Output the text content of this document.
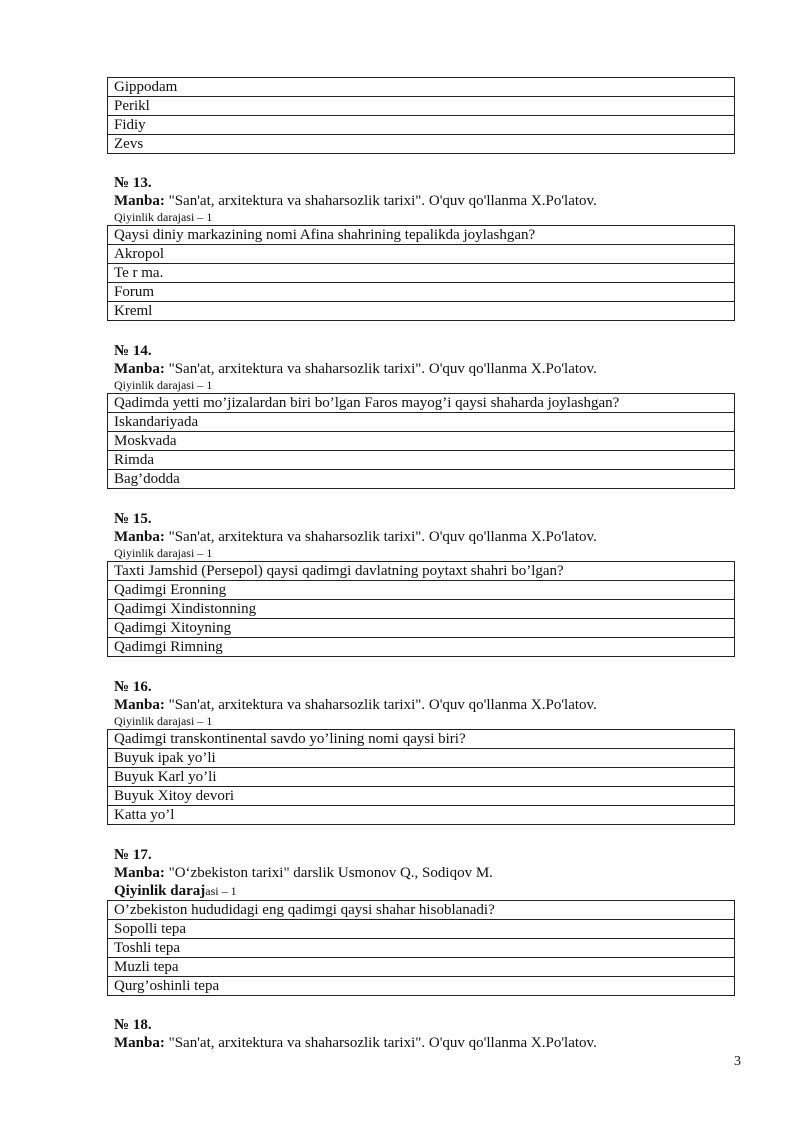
Gippodam
Perikl
Fidiy
Zevs
№ 13.
Manba: "San'at, arxitektura va shaharsozlik tarixi". O'quv qo'llanma X.Po'latov.
Qiyinlik darajasi – 1
Qaysi diniy markazining nomi Afina shahrining tepalikda joylashgan?
Akropol
Te r ma.
Forum
Kreml
№ 14.
Manba: "San'at, arxitektura va shaharsozlik tarixi". O'quv qo'llanma X.Po'latov.
Qiyinlik darajasi – 1
Qadimda yetti mo’jizalardan biri bo’lgan Faros mayog’i qaysi shaharda joylashgan?
Iskandariyada
Moskvada
Rimda
Bag’dodda
№ 15.
Manba: "San'at, arxitektura va shaharsozlik tarixi". O'quv qo'llanma X.Po'latov.
Qiyinlik darajasi – 1
Taxti Jamshid (Persepol) qaysi qadimgi davlatning poytaxt shahri bo’lgan?
Qadimgi Eronning
Qadimgi Xindistonning
Qadimgi Xitoyning
Qadimgi Rimning
№ 16.
Manba: "San'at, arxitektura va shaharsozlik tarixi". O'quv qo'llanma X.Po'latov.
Qiyinlik darajasi – 1
Qadimgi transkontinental savdo yo’lining nomi qaysi biri?
Buyuk ipak yo’li
Buyuk Karl yo’li
Buyuk Xitoy devori
Katta yo’l
№ 17.
Manba: "O‘zbekiston tarixi" darslik Usmonov Q., Sodiqov M.
Qiyinlik darajasi – 1
O’zbekiston hududidagi eng qadimgi qaysi shahar hisoblanadi?
Sopolli tepa
Toshli tepa
Muzli tepa
Qurg’oshinli tepa
№ 18.
Manba: "San'at, arxitektura va shaharsozlik tarixi". O'quv qo'llanma X.Po'latov.
3
